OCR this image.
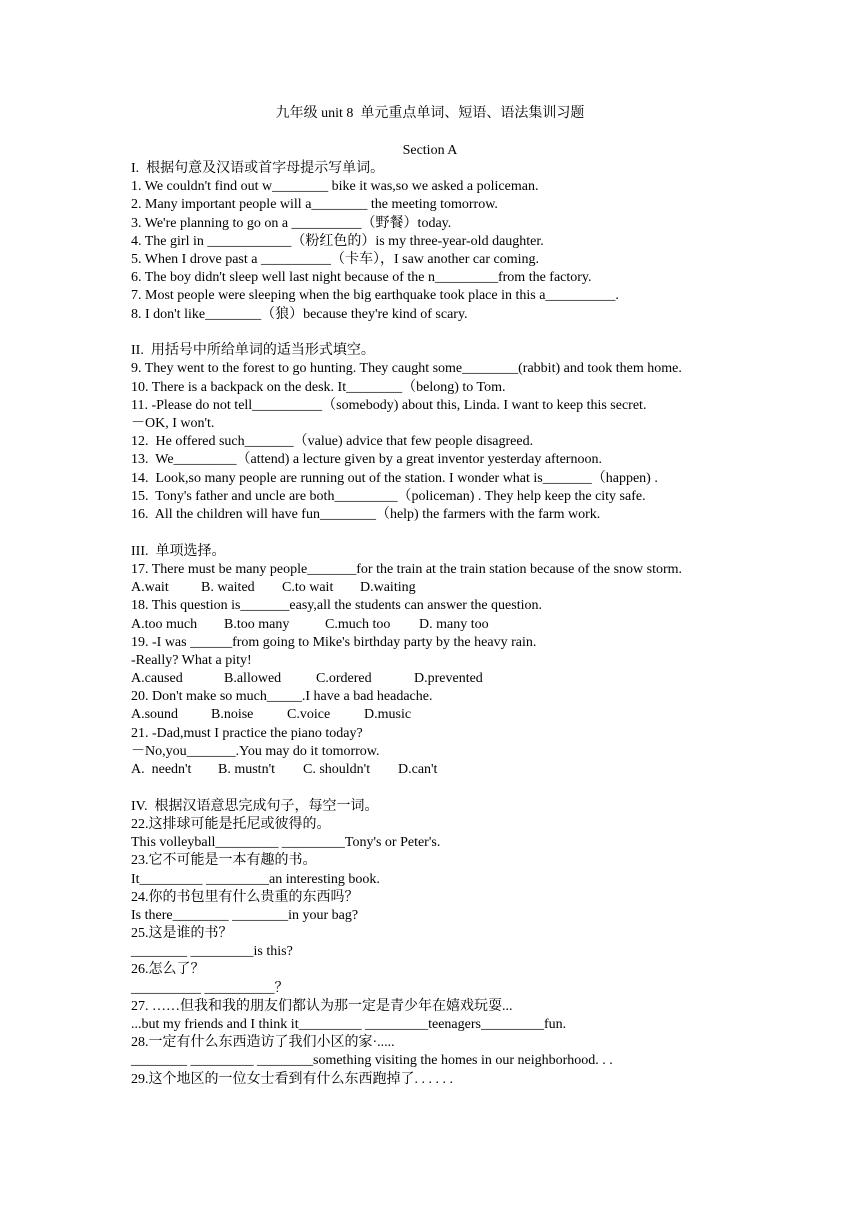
九年级 unit 8  单元重点单词、短语、语法集训习题
Section A
I.  根据句意及汉语或首字母提示写单词。
1. We couldn't find out w________ bike it was,so we asked a policeman.
2. Many important people will a________ the meeting tomorrow.
3. We're planning to go on a __________（野餐）today.
4. The girl in ____________（粉红色的）is my three-year-old daughter.
5. When I drove past a __________（卡车），I saw another car coming.
6. The boy didn't sleep well last night because of the n_________from the factory.
7. Most people were sleeping when the big earthquake took place in this a__________.
8. I don't like________（狼）because they're kind of scary.
II.  用括号中所给单词的适当形式填空。
9. They went to the forest to go hunting. They caught some________(rabbit) and took them home.
10. There is a backpack on the desk. It________（belong) to Tom.
11. -Please do not tell__________（somebody) about this, Linda. I want to keep this secret.
－OK, I won't.
12.  He offered such_______（value) advice that few people disagreed.
13.  We_________（attend) a lecture given by a great inventor yesterday afternoon.
14.  Look,so many people are running out of the station. I wonder what is_______（happen) .
15.  Tony's father and uncle are both_________（policeman) . They help keep the city safe.
16.  All the children will have fun________（help) the farmers with the farm work.
III.  单项选择。
17. There must be many people_______for the train at the train station because of the snow storm.
A.wait	B. waited	C.to wait	D.waiting
18. This question is_______easy,all the students can answer the question.
A.too much	B.too many	C.much too	D. many too
19. -I was ______from going to Mike's birthday party by the heavy rain.
-Really? What a pity!
A.caused	B.allowed	C.ordered	D.prevented
20. Don't make so much_____.I have a bad headache.
A.sound	B.noise	C.voice	D.music
21. -Dad,must I practice the piano today?
－No,you_______.You may do it tomorrow.
A.  needn't	B. mustn't	C. shouldn't	D.can't
IV.  根据汉语意思完成句子，每空一词。
22.这排球可能是托尼或彼得的。
This volleyball_________ _________Tony's or Peter's.
23.它不可能是一本有趣的书。
It_________ _________an interesting book.
24.你的书包里有什么贵重的东西吗？
Is there________ ________in your bag?
25.这是谁的书？
________ _________is this?
26.怎么了？
__________ __________？
27. ……但我和我的朋友们都认为那一定是青少年在嬉戏玩耍...
...but my friends and I think it_________ _________teenagers_________fun.
28.一定有什么东西造访了我们小区的家·.....
________ _________ ________something visiting the homes in our neighborhood. . .
29.这个地区的一位女士看到有什么东西跑掉了. . . . . .
